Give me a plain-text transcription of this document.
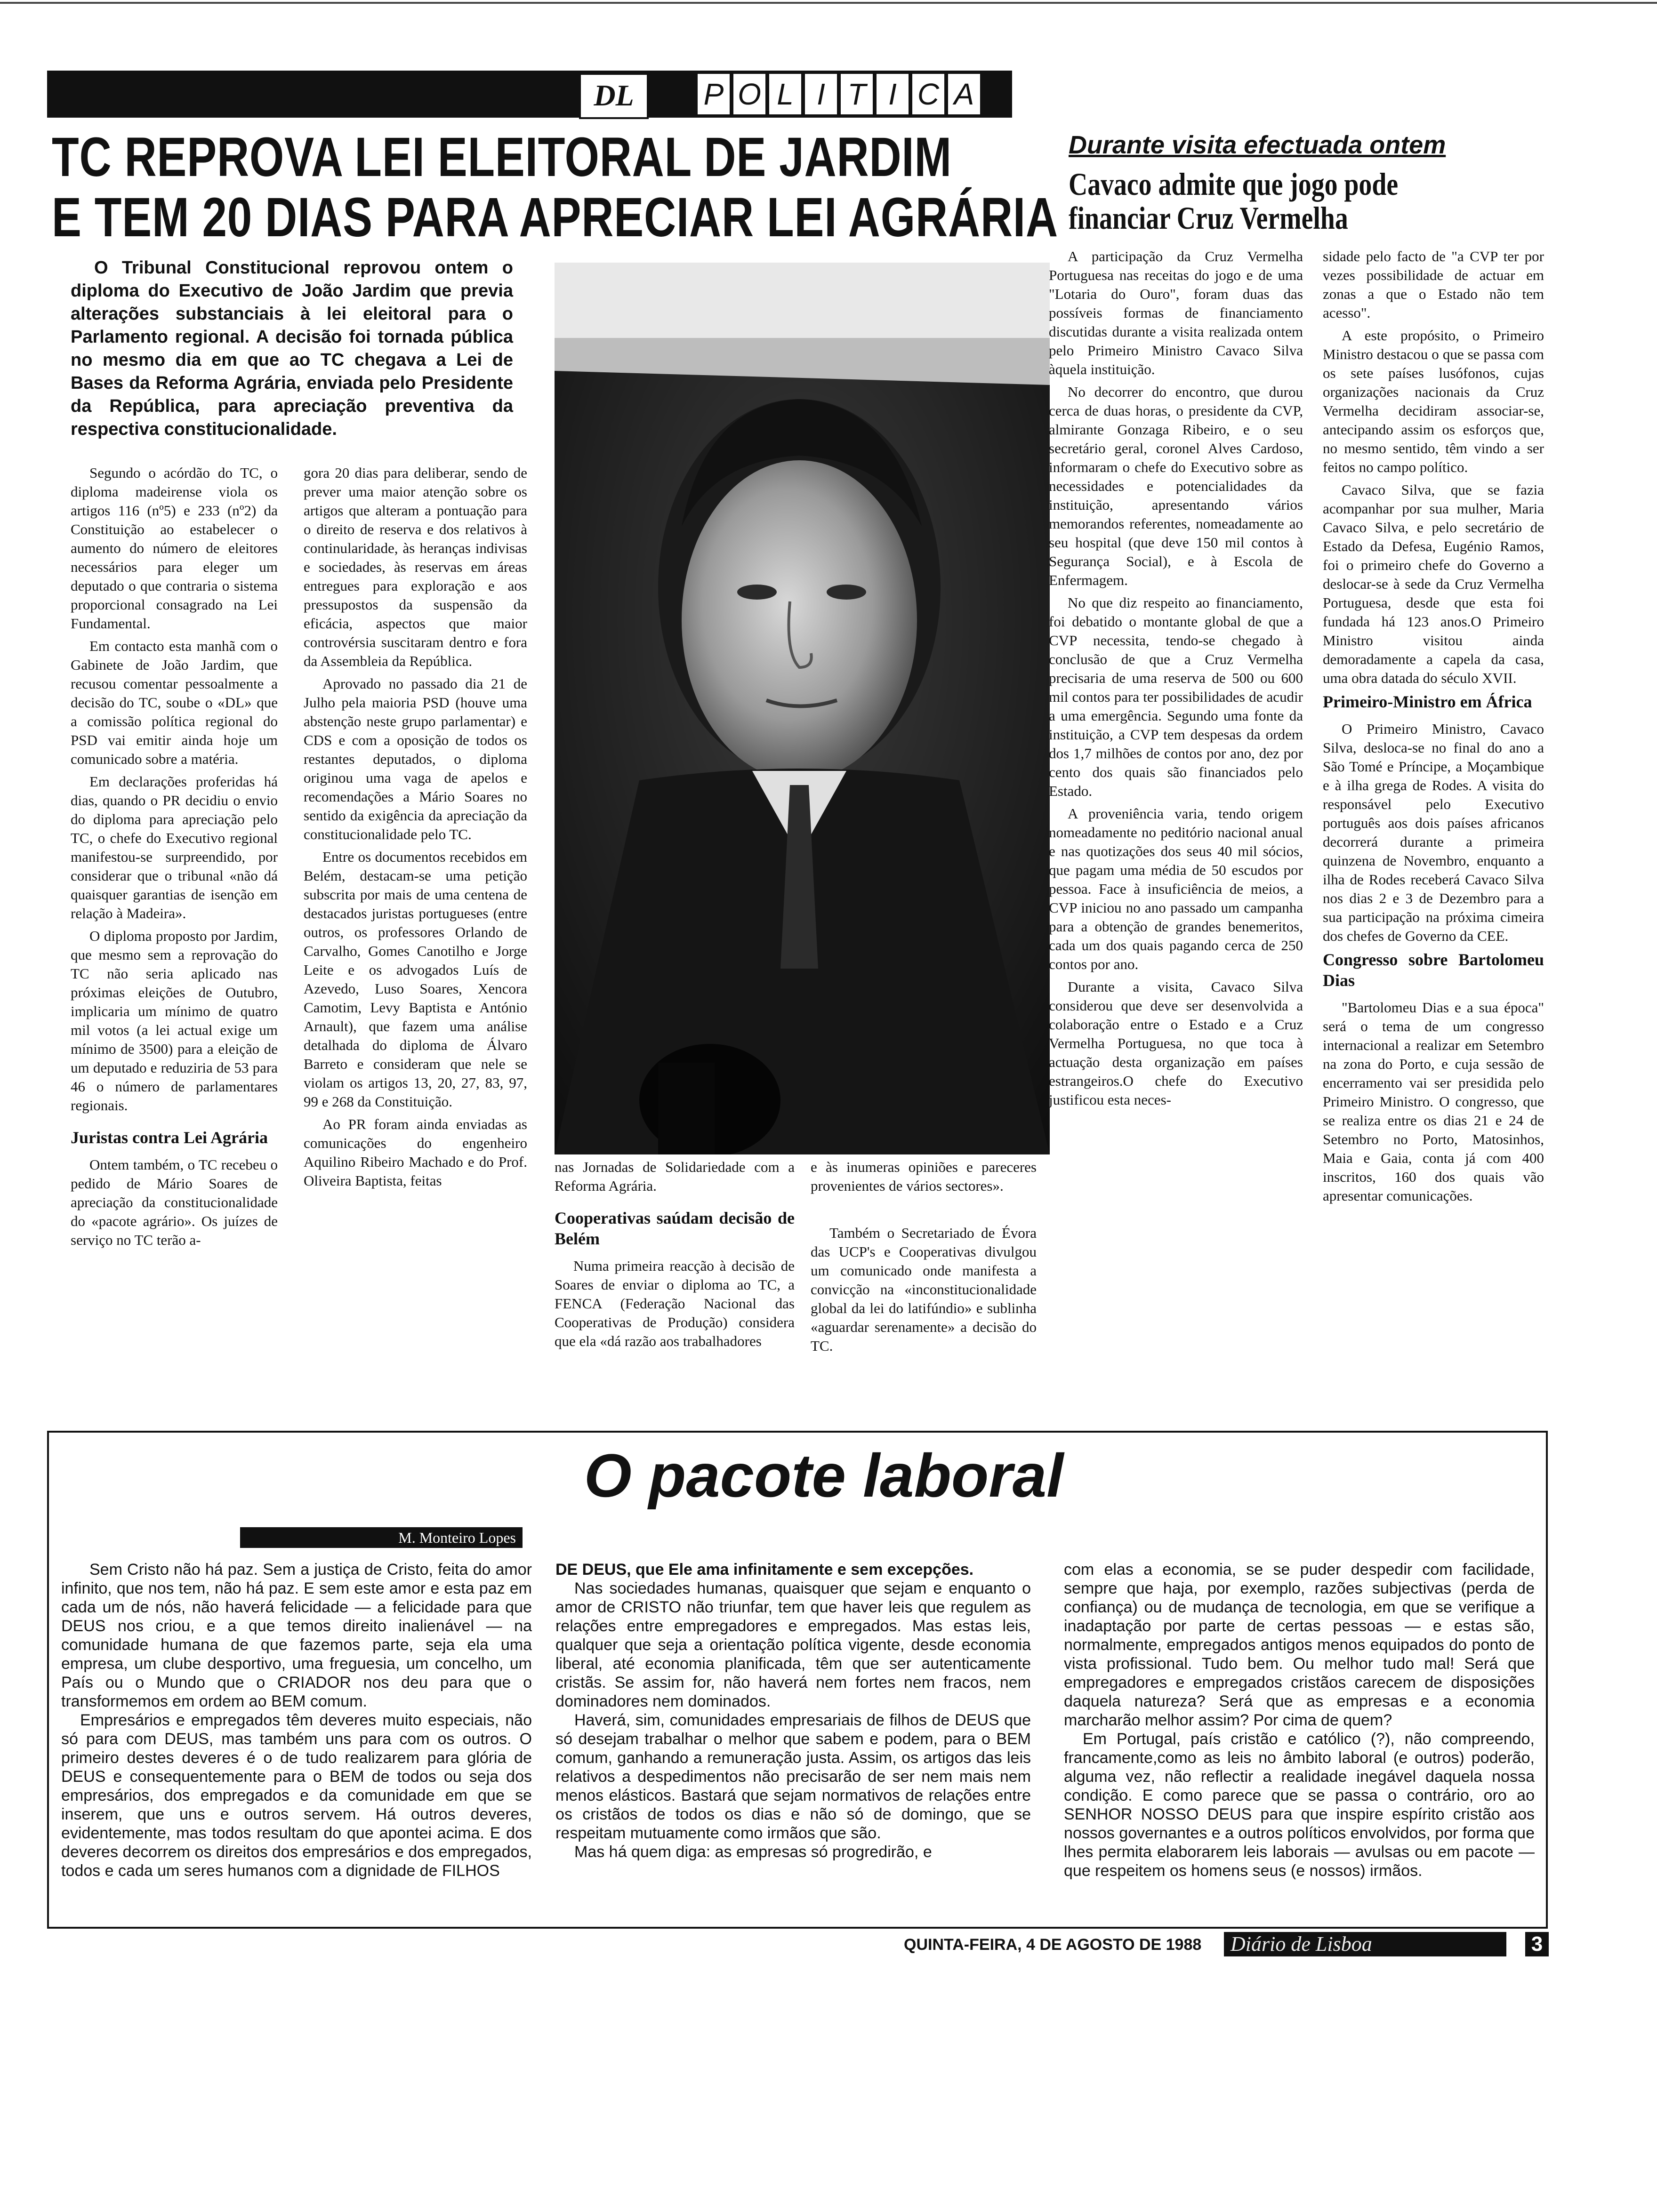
DL	P O L I T I C A
TC REPROVA LEI ELEITORAL DE JARDIM
E TEM 20 DIAS PARA APRECIAR LEI AGRÁRIA

O Tribunal Constitucional reprovou ontem o diploma do Executivo de João Jardim que previa alterações substanciais à lei eleitoral para o Parlamento regional. A decisão foi tornada pública no mesmo dia em que ao TC chegava a Lei de Bases da Reforma Agrária, enviada pelo Presidente da República, para apreciação preventiva da respectiva constitucionalidade.

Segundo o acórdão do TC, o diploma madeirense viola os artigos 116 (nº5) e 233 (nº2) da Constituição ao estabelecer o aumento do número de eleitores necessários para eleger um deputado o que contraria o sistema proporcional consagrado na Lei Fundamental.

Em contacto esta manhã com o Gabinete de João Jardim, que recusou comentar pessoalmente a decisão do TC, soube o «DL» que a comissão política regional do PSD vai emitir ainda hoje um comunicado sobre a matéria.

Em declarações proferidas há dias, quando o PR decidiu o envio do diploma para apreciação pelo TC, o chefe do Executivo regional manifestou-se surpreendido, por considerar que o tribunal «não dá quaisquer garantias de isenção em relação à Madeira».

O diploma proposto por Jardim, que mesmo sem a reprovação do TC não seria aplicado nas próximas eleições de Outubro, implicaria um mínimo de quatro mil votos (a lei actual exige um mínimo de 3500) para a eleição de um deputado e reduziria de 53 para 46 o número de parlamentares regionais.

Juristas contra Lei Agrária

Ontem também, o TC recebeu o pedido de Mário Soares de apreciação da constitucionalidade do «pacote agrário». Os juízes de serviço no TC terão a-

gora 20 dias para deliberar, sendo de prever uma maior atenção sobre os artigos que alteram a pontuação para o direito de reserva e dos relativos à continularidade, às heranças indivisas e sociedades, às reservas em áreas entregues para exploração e aos pressupostos da suspensão da eficácia, aspectos que maior controvérsia suscitaram dentro e fora da Assembleia da República.

Aprovado no passado dia 21 de Julho pela maioria PSD (houve uma abstenção neste grupo parlamentar) e CDS e com a oposição de todos os restantes deputados, o diploma originou uma vaga de apelos e recomendações a Mário Soares no sentido da exigência da apreciação da constitucionalidade pelo TC.

Entre os documentos recebidos em Belém, destacam-se uma petição subscrita por mais de uma centena de destacados juristas portugueses (entre outros, os professores Orlando de Carvalho, Gomes Canotilho e Jorge Leite e os advogados Luís de Azevedo, Luso Soares, Xencora Camotim, Levy Baptista e António Arnault), que fazem uma análise detalhada do diploma de Álvaro Barreto e consideram que nele se violam os artigos 13, 20, 27, 83, 97, 99 e 268 da Constituição.

Ao PR foram ainda enviadas as comunicações do engenheiro Aquilino Ribeiro Machado e do Prof. Oliveira Baptista, feitas

nas Jornadas de Solidariedade com a Reforma Agrária.

Cooperativas saúdam decisão de Belém

Numa primeira reacção à decisão de Soares de enviar o diploma ao TC, a FENCA (Federação Nacional das Cooperativas de Produção) considera que ela «dá razão aos trabalhadores

e às inumeras opiniões e pareceres provenientes de vários sectores».

Também o Secretariado de Évora das UCP's e Cooperativas divulgou um comunicado onde manifesta a convicção na «inconstitucionalidade global da lei do latifúndio» e sublinha «aguardar serenamente» a decisão do TC.

Durante visita efectuada ontem
Cavaco admite que jogo pode
financiar Cruz Vermelha

A participação da Cruz Vermelha Portuguesa nas receitas do jogo e de uma "Lotaria do Ouro", foram duas das possíveis formas de financiamento discutidas durante a visita realizada ontem pelo Primeiro Ministro Cavaco Silva àquela instituição.

No decorrer do encontro, que durou cerca de duas horas, o presidente da CVP, almirante Gonzaga Ribeiro, e o seu secretário geral, coronel Alves Cardoso, informaram o chefe do Executivo sobre as necessidades e potencialidades da instituição, apresentando vários memorandos referentes, nomeadamente ao seu hospital (que deve 150 mil contos à Segurança Social), e à Escola de Enfermagem.

No que diz respeito ao financiamento, foi debatido o montante global de que a CVP necessita, tendo-se chegado à conclusão de que a Cruz Vermelha precisaria de uma reserva de 500 ou 600 mil contos para ter possibilidades de acudir a uma emergência. Segundo uma fonte da instituição, a CVP tem despesas da ordem dos 1,7 milhões de contos por ano, dez por cento dos quais são financiados pelo Estado.

A proveniência varia, tendo origem nomeadamente no peditório nacional anual e nas quotizações dos seus 40 mil sócios, que pagam uma média de 50 escudos por pessoa. Face à insuficiência de meios, a CVP iniciou no ano passado um campanha para a obtenção de grandes benemeritos, cada um dos quais pagando cerca de 250 contos por ano.

Durante a visita, Cavaco Silva considerou que deve ser desenvolvida a colaboração entre o Estado e a Cruz Vermelha Portuguesa, no que toca à actuação desta organização em países estrangeiros.O chefe do Executivo justificou esta neces-

sidade pelo facto de "a CVP ter por vezes possibilidade de actuar em zonas a que o Estado não tem acesso".

A este propósito, o Primeiro Ministro destacou o que se passa com os sete países lusófonos, cujas organizações nacionais da Cruz Vermelha decidiram associar-se, antecipando assim os esforços que, no mesmo sentido, têm vindo a ser feitos no campo político.

Cavaco Silva, que se fazia acompanhar por sua mulher, Maria Cavaco Silva, e pelo secretário de Estado da Defesa, Eugénio Ramos, foi o primeiro chefe do Governo a deslocar-se à sede da Cruz Vermelha Portuguesa, desde que esta foi fundada há 123 anos.O Primeiro Ministro visitou ainda demoradamente a capela da casa, uma obra datada do século XVII.

Primeiro-Ministro em África

O Primeiro Ministro, Cavaco Silva, desloca-se no final do ano a São Tomé e Príncipe, a Moçambique e à ilha grega de Rodes. A visita do responsável pelo Executivo português aos dois países africanos decorrerá durante a primeira quinzena de Novembro, enquanto a ilha de Rodes receberá Cavaco Silva nos dias 2 e 3 de Dezembro para a sua participação na próxima cimeira dos chefes de Governo da CEE.

Congresso sobre Bartolomeu Dias

"Bartolomeu Dias e a sua época" será o tema de um congresso internacional a realizar em Setembro na zona do Porto, e cuja sessão de encerramento vai ser presidida pelo Primeiro Ministro. O congresso, que se realiza entre os dias 21 e 24 de Setembro no Porto, Matosinhos, Maia e Gaia, conta já com 400 inscritos, 160 dos quais vão apresentar comunicações.

O pacote laboral
M. Monteiro Lopes

Sem Cristo não há paz. Sem a justiça de Cristo, feita do amor infinito, que nos tem, não há paz. E sem este amor e esta paz em cada um de nós, não haverá felicidade — a felicidade para que DEUS nos criou, e a que temos direito inalienável — na comunidade humana de que fazemos parte, seja ela uma empresa, um clube desportivo, uma freguesia, um concelho, um País ou o Mundo que o CRIADOR nos deu para que o transformemos em ordem ao BEM comum.

Empresários e empregados têm deveres muito especiais, não só para com DEUS, mas também uns para com os outros. O primeiro destes deveres é o de tudo realizarem para glória de DEUS e consequentemente para o BEM de todos ou seja dos empresários, dos empregados e da comunidade em que se inserem, que uns e outros servem. Há outros deveres, evidentemente, mas todos resultam do que apontei acima. E dos deveres decorrem os direitos dos empresários e dos empregados, todos e cada um seres humanos com a dignidade de FILHOS

DE DEUS, que Ele ama infinitamente e sem excepções.

Nas sociedades humanas, quaisquer que sejam e enquanto o amor de CRISTO não triunfar, tem que haver leis que regulem as relações entre empregadores e empregados. Mas estas leis, qualquer que seja a orientação política vigente, desde economia liberal, até economia planificada, têm que ser autenticamente cristãs. Se assim for, não haverá nem fortes nem fracos, nem dominadores nem dominados.

Haverá, sim, comunidades empresariais de filhos de DEUS que só desejam trabalhar o melhor que sabem e podem, para o BEM comum, ganhando a remuneração justa. Assim, os artigos das leis relativos a despedimentos não precisarão de ser nem mais nem menos elásticos. Bastará que sejam normativos de relações entre os cristãos de todos os dias e não só de domingo, que se respeitam mutuamente como irmãos que são.

Mas há quem diga: as empresas só progredirão, e

com elas a economia, se se puder despedir com facilidade, sempre que haja, por exemplo, razões subjectivas (perda de confiança) ou de mudança de tecnologia, em que se verifique a inadaptação por parte de certas pessoas — e estas são, normalmente, empregados antigos menos equipados do ponto de vista profissional. Tudo bem. Ou melhor tudo mal! Será que empregadores e empregados cristãos carecem de disposições daquela natureza? Será que as empresas e a economia marcharão melhor assim? Por cima de quem?

Em Portugal, país cristão e católico (?), não compreendo, francamente,como as leis no âmbito laboral (e outros) poderão, alguma vez, não reflectir a realidade inegável daquela nossa condição. E como parece que se passa o contrário, oro ao SENHOR NOSSO DEUS para que inspire espírito cristão aos nossos governantes e a outros políticos envolvidos, por forma que lhes permita elaborarem leis laborais — avulsas ou em pacote — que respeitem os homens seus (e nossos) irmãos.

QUINTA-FEIRA, 4 DE AGOSTO DE 1988	Diário de Lisboa	3
